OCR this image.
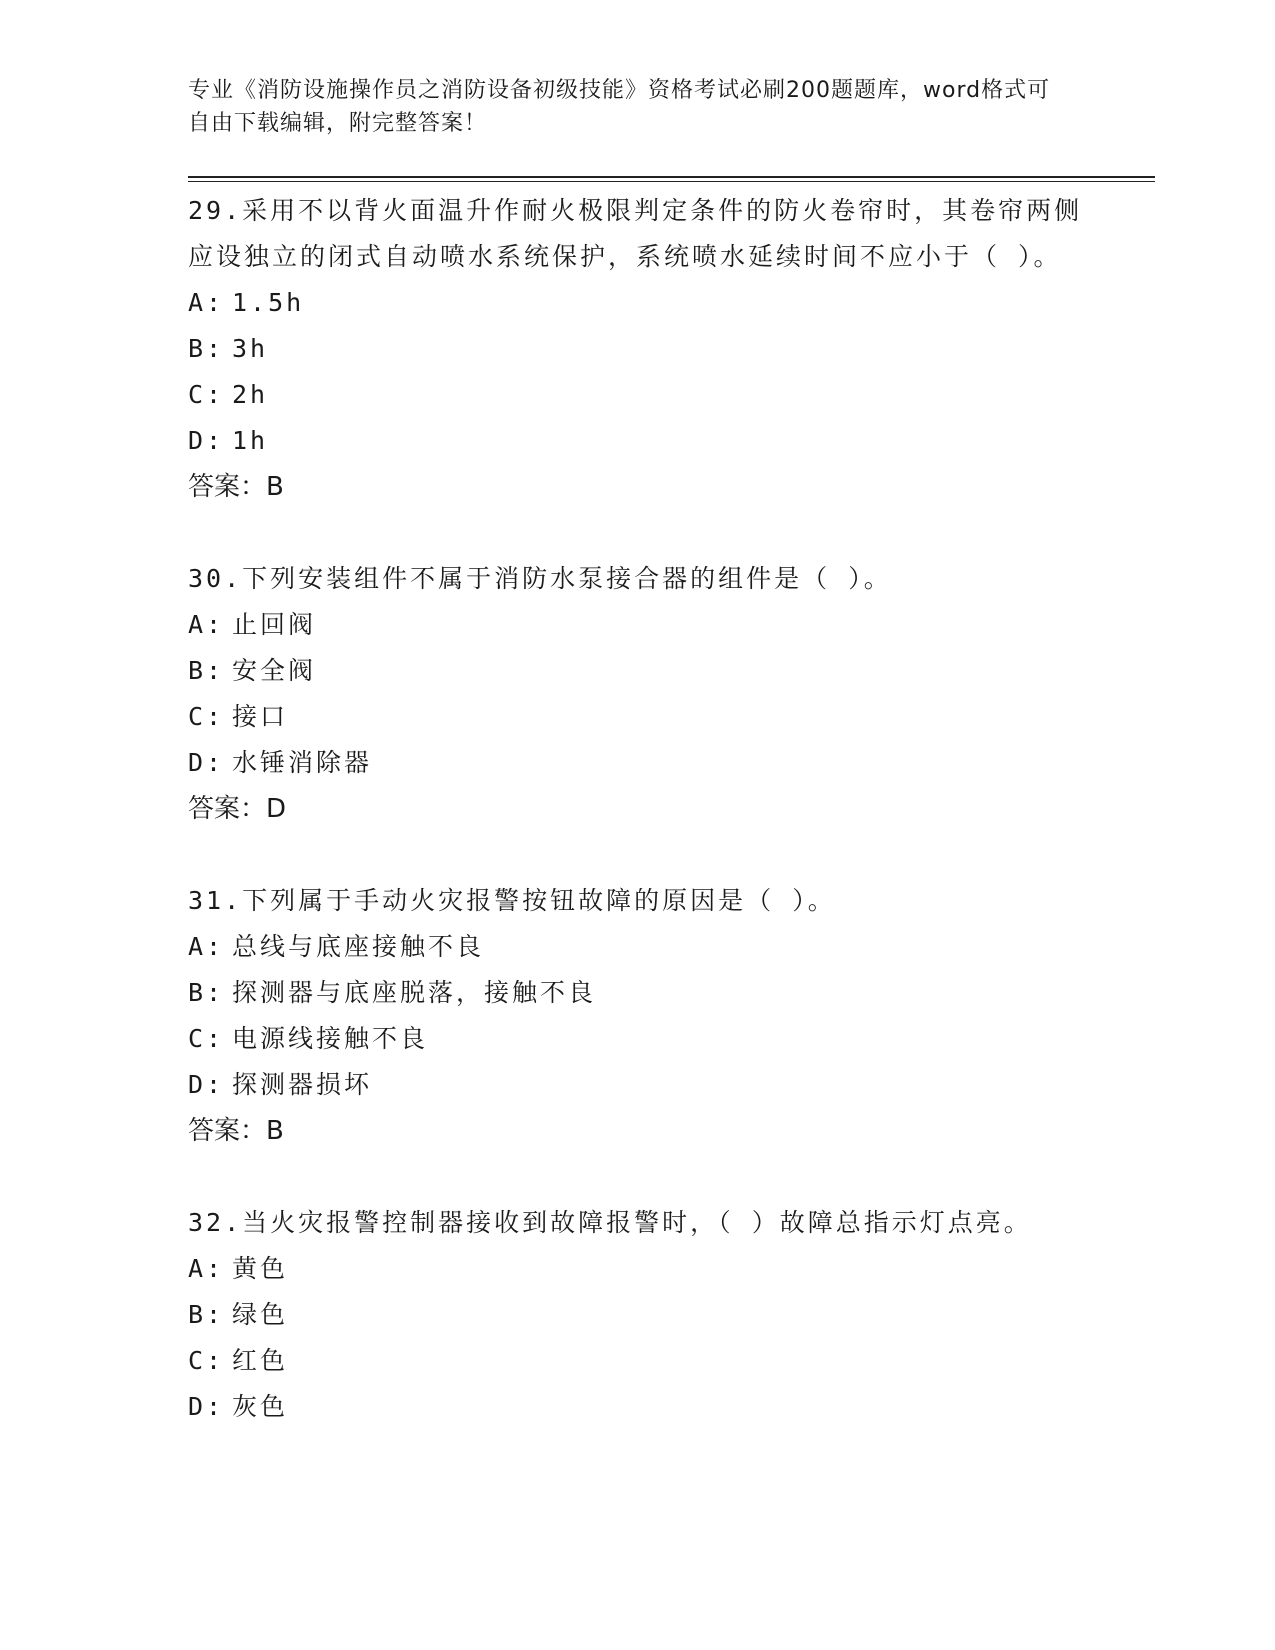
专业《消防设施操作员之消防设备初级技能》资格考试必刷200题题库，word格式可自由下载编辑，附完整答案！

29.采用不以背火面温升作耐火极限判定条件的防火卷帘时，其卷帘两侧应设独立的闭式自动喷水系统保护，系统喷水延续时间不应小于（ ）。

A: 1.5h
B: 3h
C: 2h
D: 1h
答案：B

30.下列安装组件不属于消防水泵接合器的组件是（ ）。

A: 止回阀
B: 安全阀
C: 接口
D: 水锤消除器
答案：D

31.下列属于手动火灾报警按钮故障的原因是（ ）。

A: 总线与底座接触不良
B: 探测器与底座脱落，接触不良
C: 电源线接触不良
D: 探测器损坏
答案：B

32.当火灾报警控制器接收到故障报警时，（ ）故障总指示灯点亮。

A: 黄色
B: 绿色
C: 红色
D: 灰色
